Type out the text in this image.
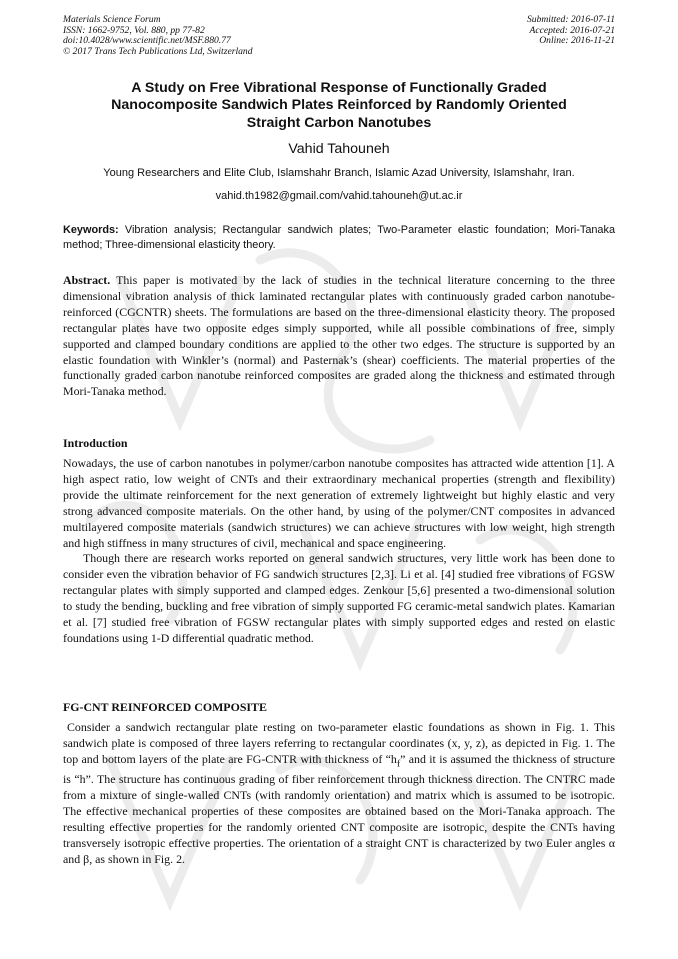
Materials Science Forum
ISSN: 1662-9752, Vol. 880, pp 77-82
doi:10.4028/www.scientific.net/MSF.880.77
© 2017 Trans Tech Publications Ltd, Switzerland
Submitted: 2016-07-11
Accepted: 2016-07-21
Online: 2016-11-21
A Study on Free Vibrational Response of Functionally Graded
Nanocomposite Sandwich Plates Reinforced by Randomly Oriented
Straight Carbon Nanotubes
Vahid Tahouneh
Young Researchers and Elite Club, Islamshahr Branch, Islamic Azad University, Islamshahr, Iran.
vahid.th1982@gmail.com/vahid.tahouneh@ut.ac.ir
Keywords: Vibration analysis; Rectangular sandwich plates; Two-Parameter elastic foundation; Mori-Tanaka method; Three-dimensional elasticity theory.

Abstract. This paper is motivated by the lack of studies in the technical literature concerning to the three dimensional vibration analysis of thick laminated rectangular plates with continuously graded carbon nanotube-reinforced (CGCNTR) sheets. The formulations are based on the three-dimensional elasticity theory. The proposed rectangular plates have two opposite edges simply supported, while all possible combinations of free, simply supported and clamped boundary conditions are applied to the other two edges. The structure is supported by an elastic foundation with Winkler’s (normal) and Pasternak’s (shear) coefficients. The material properties of the functionally graded carbon nanotube reinforced composites are graded along the thickness and estimated through Mori-Tanaka method.

Introduction

Nowadays, the use of carbon nanotubes in polymer/carbon nanotube composites has attracted wide attention [1]. A high aspect ratio, low weight of CNTs and their extraordinary mechanical properties (strength and flexibility) provide the ultimate reinforcement for the next generation of extremely lightweight but highly elastic and very strong advanced composite materials. On the other hand, by using of the polymer/CNT composites in advanced multilayered composite materials (sandwich structures) we can achieve structures with low weight, high strength and high stiffness in many structures of civil, mechanical and space engineering.

Though there are research works reported on general sandwich structures, very little work has been done to consider even the vibration behavior of FG sandwich structures [2,3]. Li et al. [4] studied free vibrations of FGSW rectangular plates with simply supported and clamped edges. Zenkour [5,6] presented a two-dimensional solution to study the bending, buckling and free vibration of simply supported FG ceramic-metal sandwich plates. Kamarian et al. [7] studied free vibration of FGSW rectangular plates with simply supported edges and rested on elastic foundations using 1-D differential quadratic method.

FG-CNT REINFORCED COMPOSITE

Consider a sandwich rectangular plate resting on two-parameter elastic foundations as shown in Fig. 1. This sandwich plate is composed of three layers referring to rectangular coordinates (x, y, z), as depicted in Fig. 1. The top and bottom layers of the plate are FG-CNTR with thickness of “$h_f$” and it is assumed the thickness of structure is “h”. The structure has continuous grading of fiber reinforcement through thickness direction. The CNTRC made from a mixture of single-walled CNTs (with randomly orientation) and matrix which is assumed to be isotropic. The effective mechanical properties of these composites are obtained based on the Mori-Tanaka approach. The resulting effective properties for the randomly oriented CNT composite are isotropic, despite the CNTs having transversely isotropic effective properties. The orientation of a straight CNT is characterized by two Euler angles α and β, as shown in Fig. 2.
